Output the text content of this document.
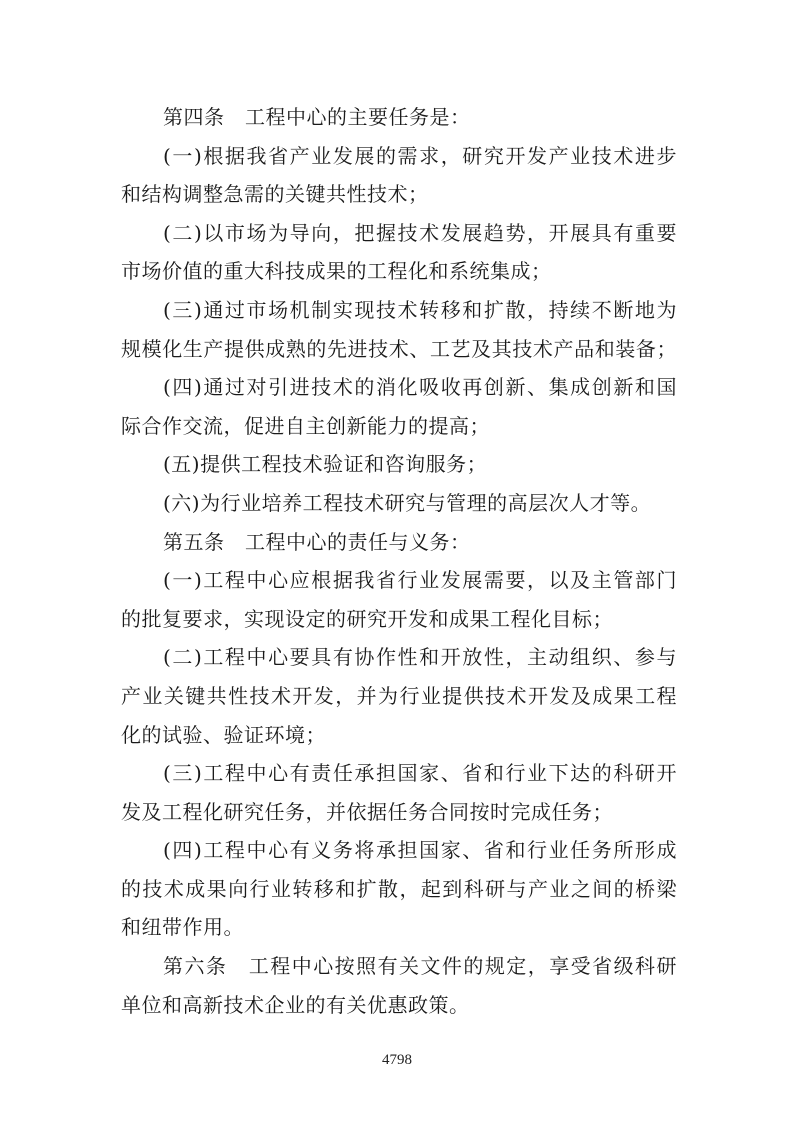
第四条　工程中心的主要任务是：
(一)根据我省产业发展的需求，研究开发产业技术进步
和结构调整急需的关键共性技术；
(二)以市场为导向，把握技术发展趋势，开展具有重要
市场价值的重大科技成果的工程化和系统集成；
(三)通过市场机制实现技术转移和扩散，持续不断地为
规模化生产提供成熟的先进技术、工艺及其技术产品和装备；
(四)通过对引进技术的消化吸收再创新、集成创新和国
际合作交流，促进自主创新能力的提高；
(五)提供工程技术验证和咨询服务；
(六)为行业培养工程技术研究与管理的高层次人才等。
第五条　工程中心的责任与义务：
(一)工程中心应根据我省行业发展需要，以及主管部门
的批复要求，实现设定的研究开发和成果工程化目标；
(二)工程中心要具有协作性和开放性，主动组织、参与
产业关键共性技术开发，并为行业提供技术开发及成果工程
化的试验、验证环境；
(三)工程中心有责任承担国家、省和行业下达的科研开
发及工程化研究任务，并依据任务合同按时完成任务；
(四)工程中心有义务将承担国家、省和行业任务所形成
的技术成果向行业转移和扩散，起到科研与产业之间的桥梁
和纽带作用。
第六条　工程中心按照有关文件的规定，享受省级科研
单位和高新技术企业的有关优惠政策。
4798
